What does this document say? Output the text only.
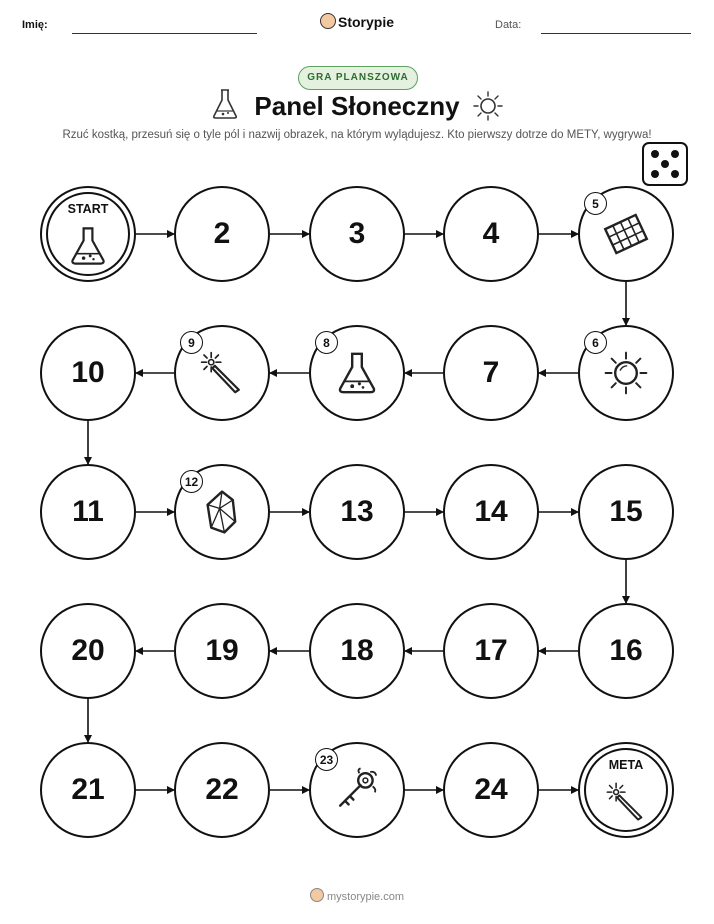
Imię:	Storypie	Data:
GRA PLANSZOWA
Panel Słoneczny
Rzuć kostką, przesuń się o tyle pól i nazwij obrazek, na którym wylądujesz. Kto pierwszy dotrze do METY, wygrywa!
START
2	3	4
5
6
7
8
9
10
11
12
13	14	15
16
17
18
19
20
21	22
23
24
META
mystorypie.com
